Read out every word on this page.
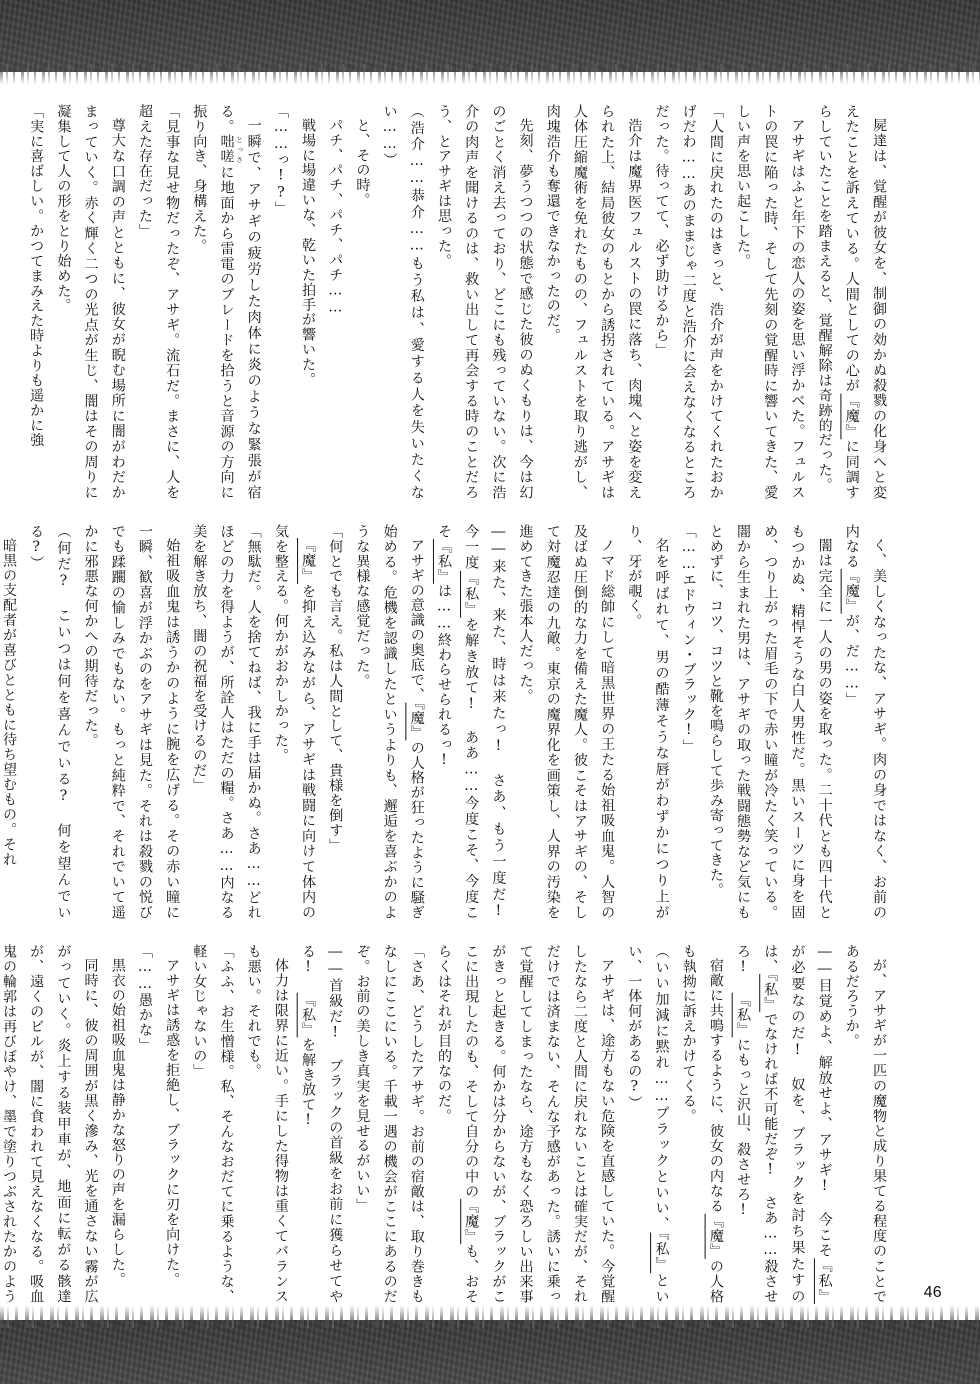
屍達は、覚醒が彼女を、制御の効かぬ殺戮の化身へと変えたことを訴えている。人間としての心が『魔』に同調すらしていたことを踏まえると、覚醒解除は奇跡的だった。

アサギはふと年下の恋人の姿を思い浮かべた。フュルストの罠に陥った時、そして先刻の覚醒時に響いてきた、愛しい声を思い起こした。

「人間に戻れたのはきっと、浩介が声をかけてくれたおかげだわ……あのままじゃ二度と浩介に会えなくなるところだった。待ってて、必ず助けるから」

浩介は魔界医フュルストの罠に落ち、肉塊へと姿を変えられた上、結局彼女のもとから誘拐されている。アサギは人体圧縮魔術を免れたものの、フュルストを取り逃がし、肉塊浩介も奪還できなかったのだ。

先刻、夢うつつの状態で感じた彼のぬくもりは、今は幻のごとく消え去っており、どこにも残っていない。次に浩介の肉声を聞けるのは、救い出して再会する時のことだろう、とアサギは思った。

（浩介……恭介……もう私は、愛する人を失いたくない……）

と、その時。

パチ、パチ、パチ、パチ……

戦場に場違いな、乾いた拍手が響いた。

「……っ!?」

一瞬で、アサギの疲労した肉体に炎のような緊張が宿る。咄嗟 とっさに地面から雷電のブレードを拾うと音源の方向に振り向き、身構えた。

「見事な見せ物だったぞ、アサギ。流石だ。まさに、人を超えた存在だった」

尊大な口調の声とともに、彼女が睨む場所に闇がわだかまっていく。赤く輝く二つの光点が生じ、闇はその周りに凝集して人の形をとり始めた。

「実に喜ばしい。かつてまみえた時よりも遥かに強

く、美しくなったな、アサギ。肉の身ではなく、お前の内なる『魔』が、だ……」

闇は完全に一人の男の姿を取った。二十代とも四十代ともつかぬ、精悍そうな白人男性だ。黒いスーツに身を固め、つり上がった眉毛の下で赤い瞳が冷たく笑っている。闇から生まれた男は、アサギの取った戦闘態勢など気にもとめずに、コツ、コツと靴を鳴らして歩み寄ってきた。

「……エドウィン・ブラック!」

名を呼ばれて、男の酷薄そうな唇がわずかにつり上がり、牙が覗く。

ノマド総帥にして暗黒世界の王たる始祖吸血鬼。人智の及ばぬ圧倒的な力を備えた魔人。彼こそはアサギの、そして対魔忍達の九敵。東京の魔界化を画策し、人界の汚染を進めてきた張本人だった。

――来た、来た、時は来たっ! さあ、もう一度だ! 今一度『私』を解き放て! ああ……今度こそ、今度こそ『私』は……終わらせられるっ!

アサギの意識の奥底で、『魔』の人格が狂ったように騒ぎ始める。危機を認識したというよりも、邂逅を喜ぶかのような異様な感覚だった。

「何とでも言え。私は人間として、貴様を倒す」

『魔』を抑え込みながら、アサギは戦闘に向けて体内の気を整える。何かがおかしかった。

「無駄だ。人を捨てねば、我に手は届かぬ。さあ……どれほどの力を得ようが、所詮人はただの糧。さあ……内なる美を解き放ち、闇の祝福を受けるのだ」

始祖吸血鬼は誘うかのように腕を広げる。その赤い瞳に一瞬、歓喜が浮かぶのをアサギは見た。それは殺戮の悦びでも蹂躙の愉しみでもない。もっと純粋で、それでいて遥かに邪悪な何かへの期待だった。

（何だ? こいつは何を喜んでいる? 何を望んでいる?）

暗黒の支配者が喜びとともに待ち望むもの。それ

が、アサギが一匹の魔物と成り果てる程度のことであるだろうか。

――目覚めよ、解放せよ、アサギ! 今こそ『私』が必要なのだ! 奴を、ブラックを討ち果たすのは、『私』でなければ不可能だぞ! さあ……殺させろ! 『私』にもっと沢山、殺させろ!

宿敵に共鳴するように、彼女の内なる『魔』の人格も執拗に訴えかけてくる。

（いい加減に黙れ……ブラックといい、『私』といい、一体何があるの?）

アサギは、途方もない危険を直感していた。今覚醒したなら二度と人間に戻れないことは確実だが、それだけでは済まない、そんな予感があった。誘いに乗って覚醒してしまったなら、途方もなく恐ろしい出来事がきっと起きる。何かは分からないが、ブラックがここに出現したのも、そして自分の中の『魔』も、おそらくはそれが目的なのだ。

「さあ、どうしたアサギ。お前の宿敵は、取り巻きもなしにここにいる。千載一遇の機会がここにあるのだぞ。お前の美しき真実を見せるがいい」

――首級だ! ブラックの首級をお前に獲らせてやる! 『私』を解き放て!

体力は限界に近い。手にした得物は重くてバランスも悪い。それでも。

「ふふ、お生憎様。私、そんなおだてに乗るような、軽い女じゃないの」

アサギは誘惑を拒絶し、ブラックに刃を向けた。

「……愚かな」

黒衣の始祖吸血鬼は静かな怒りの声を漏らした。

同時に、彼の周囲が黒く滲み、光を通さない霧が広がっていく。炎上する装甲車が、地面に転がる骸達が、遠くのビルが、闇に食われて見えなくなる。吸血鬼の輪郭は再びぼやけ、墨で塗りつぶされたかのよう	46
